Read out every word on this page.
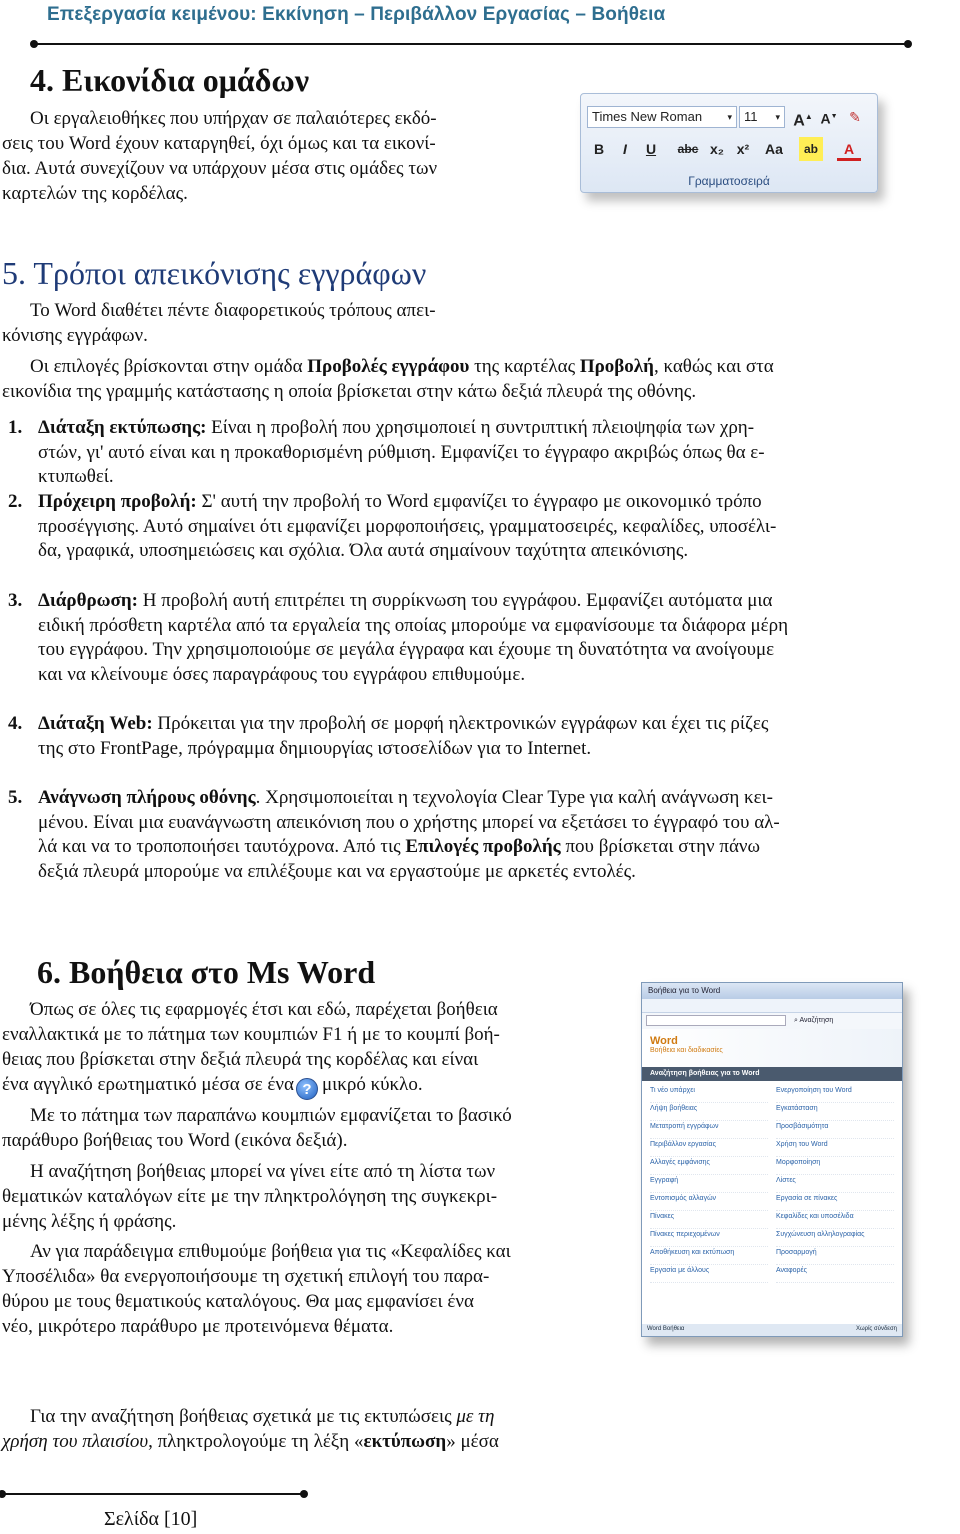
Επεξεργασία κειμένου: Εκκίνηση – Περιβάλλον Εργασίας – Βοήθεια
4. Εικονίδια ομάδων
Οι εργαλειοθήκες που υπήρχαν σε παλαιότερες εκδό-
σεις του Word έχουν καταργηθεί, όχι όμως και τα εικονί-
δια. Αυτά συνεχίζουν να υπάρχουν μέσα στις ομάδες των
καρτελών της κορδέλας.
Times New Roman	▾ 11 ▾ A▲ A▼ ✎
B	I	U	abc x₂ x²	Aa	ab	A
Γραμματοσειρά
5. Τρόποι απεικόνισης εγγράφων
Το Word διαθέτει πέντε διαφορετικούς τρόπους απει-
κόνισης εγγράφων.
Οι επιλογές βρίσκονται στην ομάδα Προβολές εγγράφου της καρτέλας Προβολή, καθώς και στα
εικονίδια της γραμμής κατάστασης η οποία βρίσκεται στην κάτω δεξιά πλευρά της οθόνης.
1. Διάταξη εκτύπωσης: Είναι η προβολή που χρησιμοποιεί η συντριπτική πλειοψηφία των χρη-
στών, γι' αυτό είναι και η προκαθορισμένη ρύθμιση. Εμφανίζει το έγγραφο ακριβώς όπως θα ε-
κτυπωθεί.
2. Πρόχειρη προβολή: Σ' αυτή την προβολή το Word εμφανίζει το έγγραφο με οικονομικό τρόπο
προσέγγισης. Αυτό σημαίνει ότι εμφανίζει μορφοποιήσεις, γραμματοσειρές, κεφαλίδες, υποσέλι-
δα, γραφικά, υποσημειώσεις και σχόλια. Όλα αυτά σημαίνουν ταχύτητα απεικόνισης.
3. Διάρθρωση: Η προβολή αυτή επιτρέπει τη συρρίκνωση του εγγράφου. Εμφανίζει αυτόματα μια
ειδική πρόσθετη καρτέλα από τα εργαλεία της οποίας μπορούμε να εμφανίσουμε τα διάφορα μέρη
του εγγράφου. Την χρησιμοποιούμε σε μεγάλα έγγραφα και έχουμε τη δυνατότητα να ανοίγουμε
και να κλείνουμε όσες παραγράφους του εγγράφου επιθυμούμε.
4. Διάταξη Web: Πρόκειται για την προβολή σε μορφή ηλεκτρονικών εγγράφων και έχει τις ρίζες
της στο FrontPage, πρόγραμμα δημιουργίας ιστοσελίδων για το Internet.
5. Ανάγνωση πλήρους οθόνης. Χρησιμοποιείται η τεχνολογία Clear Type για καλή ανάγνωση κει-
μένου. Είναι μια ευανάγνωστη απεικόνιση που ο χρήστης μπορεί να εξετάσει το έγγραφό του αλ-
λά και να το τροποποιήσει ταυτόχρονα. Από τις Επιλογές προβολής που βρίσκεται στην πάνω
δεξιά πλευρά μπορούμε να επιλέξουμε και να εργαστούμε με αρκετές εντολές.
6. Βοήθεια στο Ms Word
Όπως σε όλες τις εφαρμογές έτσι και εδώ, παρέχεται βοήθεια
εναλλακτικά με το πάτημα των κουμπιών F1 ή με το κουμπί βοή-
θειας που βρίσκεται στην δεξιά πλευρά της κορδέλας και είναι
ένα αγγλικό ερωτηματικό μέσα σε ένα ? μικρό κύκλο.
Με το πάτημα των παραπάνω κουμπιών εμφανίζεται το βασικό
παράθυρο βοήθειας του Word (εικόνα δεξιά).
Η αναζήτηση βοήθειας μπορεί να γίνει είτε από τη λίστα των
θεματικών καταλόγων είτε με την πληκτρολόγηση της συγκεκρι-
μένης λέξης ή φράσης.
Αν για παράδειγμα επιθυμούμε βοήθεια για τις «Κεφαλίδες και
Υποσέλιδα» θα ενεργοποιήσουμε τη σχετική επιλογή του παρα-
θύρου με τους θεματικούς καταλόγους. Θα μας εμφανίσει ένα
νέο, μικρότερο παράθυρο με προτεινόμενα θέματα.
Για την αναζήτηση βοήθειας σχετικά με τις εκτυπώσεις με τη
χρήση του πλαισίου, πληκτρολογούμε τη λέξη «εκτύπωση» μέσα
Βοήθεια για το Word
⌕ Αναζήτηση
Word
Βοήθεια και διαδικασίες
Αναζήτηση βοήθειας για το Word
Τι νέο υπάρχει	Ενεργοποίηση του Word
Λήψη βοήθειας	Εγκατάσταση
Μετατροπή εγγράφων	Προσβάσιμότητα
Περιβάλλον εργασίας	Χρήση του Word
Αλλαγές εμφάνισης	Μορφοποίηση
Εγγραφή	Λίστες
Εντοπισμός αλλαγών	Εργασία σε πίνακες
Πίνακες	Κεφαλίδες και υποσέλιδα
Πίνακες περιεχομένων	Συγχώνευση αλληλογραφίας
Αποθήκευση και εκτύπωση	Προσαρμογή
Εργασία με άλλους	Αναφορές
Word Βοήθεια	Χωρίς σύνδεση
Σελίδα [10]
